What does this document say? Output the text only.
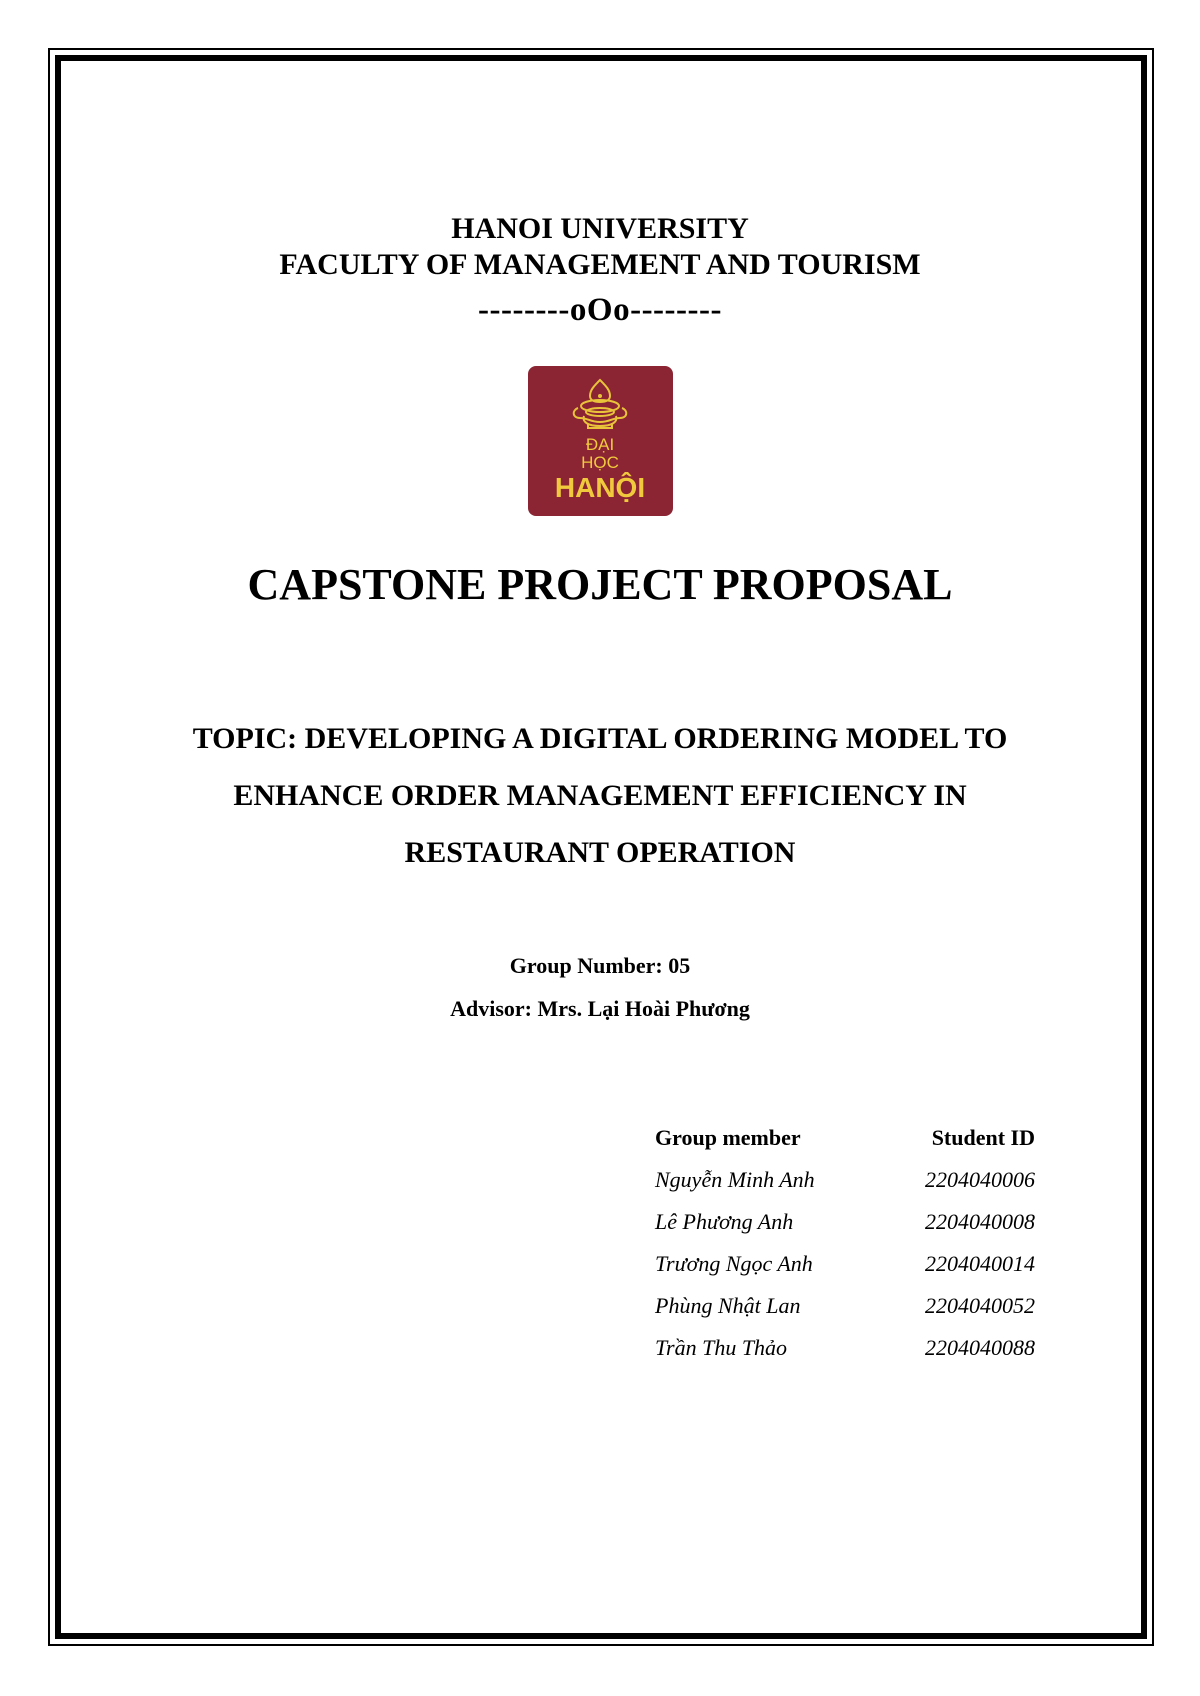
HANOI UNIVERSITY
FACULTY OF MANAGEMENT AND TOURISM
--------oOo--------
ĐẠI
HỌC
HANỘI
CAPSTONE PROJECT PROPOSAL
TOPIC: DEVELOPING A DIGITAL ORDERING MODEL TO
ENHANCE ORDER MANAGEMENT EFFICIENCY IN
RESTAURANT OPERATION
Group Number: 05
Advisor: Mrs. Lại Hoài Phương
Group member	Student ID
Nguyễn Minh Anh	2204040006
Lê Phương Anh	2204040008
Trương Ngọc Anh	2204040014
Phùng Nhật Lan	2204040052
Trần Thu Thảo	2204040088
